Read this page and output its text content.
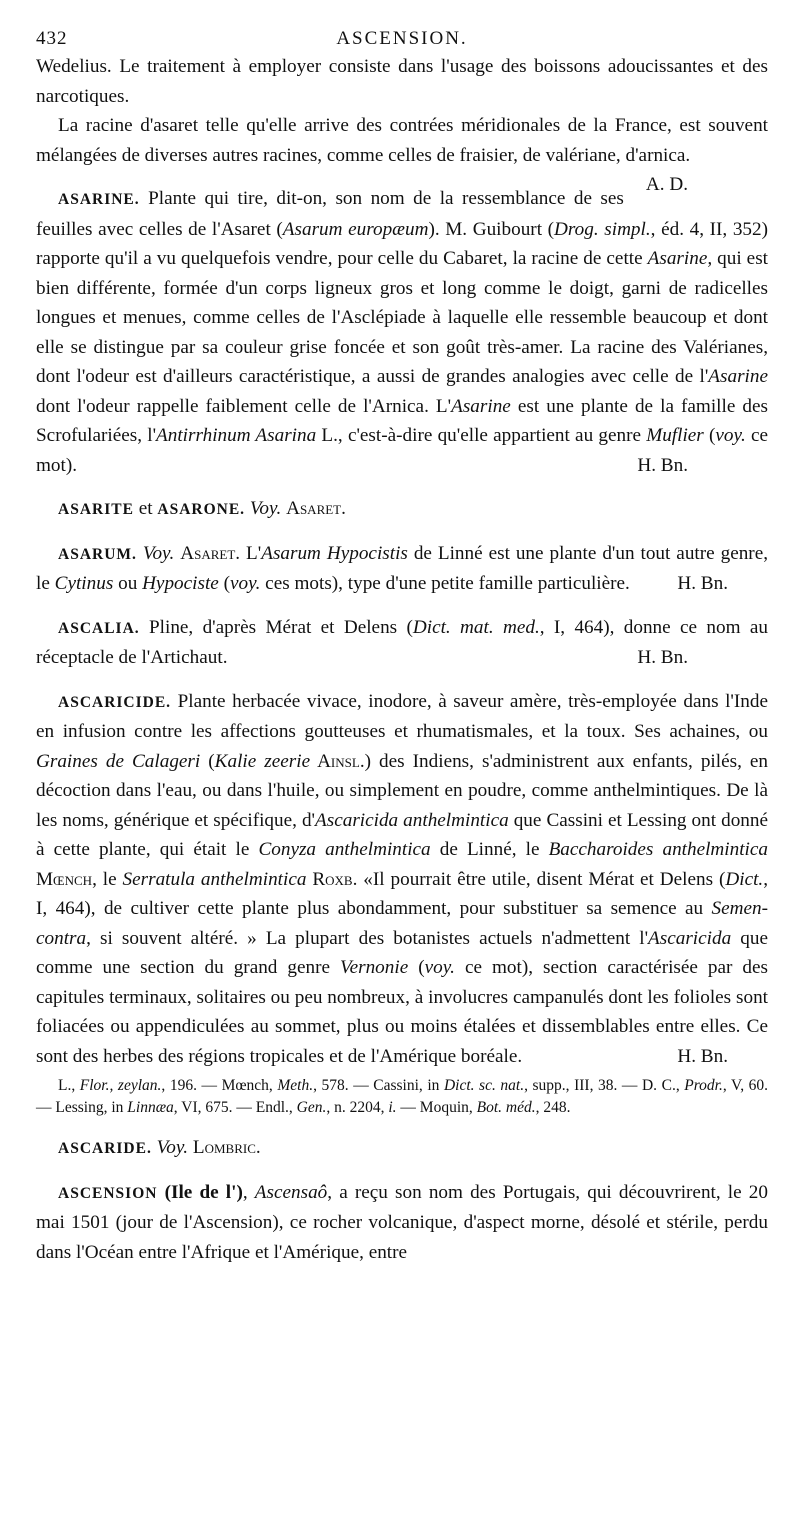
432	ASCENSION.

Wedelius. Le traitement à employer consiste dans l'usage des boissons adoucissantes et des narcotiques.

La racine d'asaret telle qu'elle arrive des contrées méridionales de la France, est souvent mélangées de diverses autres racines, comme celles de fraisier, de valériane, d'arnica.
A. D.

ASARINE. Plante qui tire, dit-on, son nom de la ressemblance de ses feuilles avec celles de l'Asaret (Asarum europæum). M. Guibourt (Drog. simpl., éd. 4, II, 352) rapporte qu'il a vu quelquefois vendre, pour celle du Cabaret, la racine de cette Asarine, qui est bien différente, formée d'un corps ligneux gros et long comme le doigt, garni de radicelles longues et menues, comme celles de l'Asclépiade à laquelle elle ressemble beaucoup et dont elle se distingue par sa couleur grise foncée et son goût très-amer. La racine des Valérianes, dont l'odeur est d'ailleurs caractéristique, a aussi de grandes analogies avec celle de l'Asarine dont l'odeur rappelle faiblement celle de l'Arnica. L'Asarine est une plante de la famille des Scrofulariées, l'Antirrhinum Asarina L., c'est-à-dire qu'elle appartient au genre Muflier (voy. ce mot).	H. Bn.

ASARITE et ASARONE. Voy. Asaret.

ASARUM. Voy. Asaret. L'Asarum Hypocistis de Linné est une plante d'un tout autre genre, le Cytinus ou Hypociste (voy. ces mots), type d'une petite famille particulière.	H. Bn.

ASCALIA. Pline, d'après Mérat et Delens (Dict. mat. med., I, 464), donne ce nom au réceptacle de l'Artichaut.	H. Bn.

ASCARICIDE. Plante herbacée vivace, inodore, à saveur amère, très-employée dans l'Inde en infusion contre les affections goutteuses et rhumatismales, et la toux. Ses achaines, ou Graines de Calageri (Kalie zeerie Ainsl.) des Indiens, s'administrent aux enfants, pilés, en décoction dans l'eau, ou dans l'huile, ou simplement en poudre, comme anthelmintiques. De là les noms, générique et spécifique, d'Ascaricida anthelmintica que Cassini et Lessing ont donné à cette plante, qui était le Conyza anthelmintica de Linné, le Baccharoides anthelmintica Mœnch, le Serratula anthelmintica Roxb. «Il pourrait être utile, disent Mérat et Delens (Dict., I, 464), de cultiver cette plante plus abondamment, pour substituer sa semence au Semen-contra, si souvent altéré. » La plupart des botanistes actuels n'admettent l'Ascaricida que comme une section du grand genre Vernonie (voy. ce mot), section caractérisée par des capitules terminaux, solitaires ou peu nombreux, à involucres campanulés dont les folioles sont foliacées ou appendiculées au sommet, plus ou moins étalées et dissemblables entre elles. Ce sont des herbes des régions tropicales et de l'Amérique boréale.	H. Bn.

L., Flor., zeylan., 196. — Mœnch, Meth., 578. — Cassini, in Dict. sc. nat., supp., III, 38. — D. C., Prodr., V, 60. — Lessing, in Linnæa, VI, 675. — Endl., Gen., n. 2204, i. — Moquin, Bot. méd., 248.

ASCARIDE. Voy. Lombric.

ASCENSION (Ile de l'), Ascensaô, a reçu son nom des Portugais, qui découvrirent, le 20 mai 1501 (jour de l'Ascension), ce rocher volcanique, d'aspect morne, désolé et stérile, perdu dans l'Océan entre l'Afrique et l'Amérique, entre
